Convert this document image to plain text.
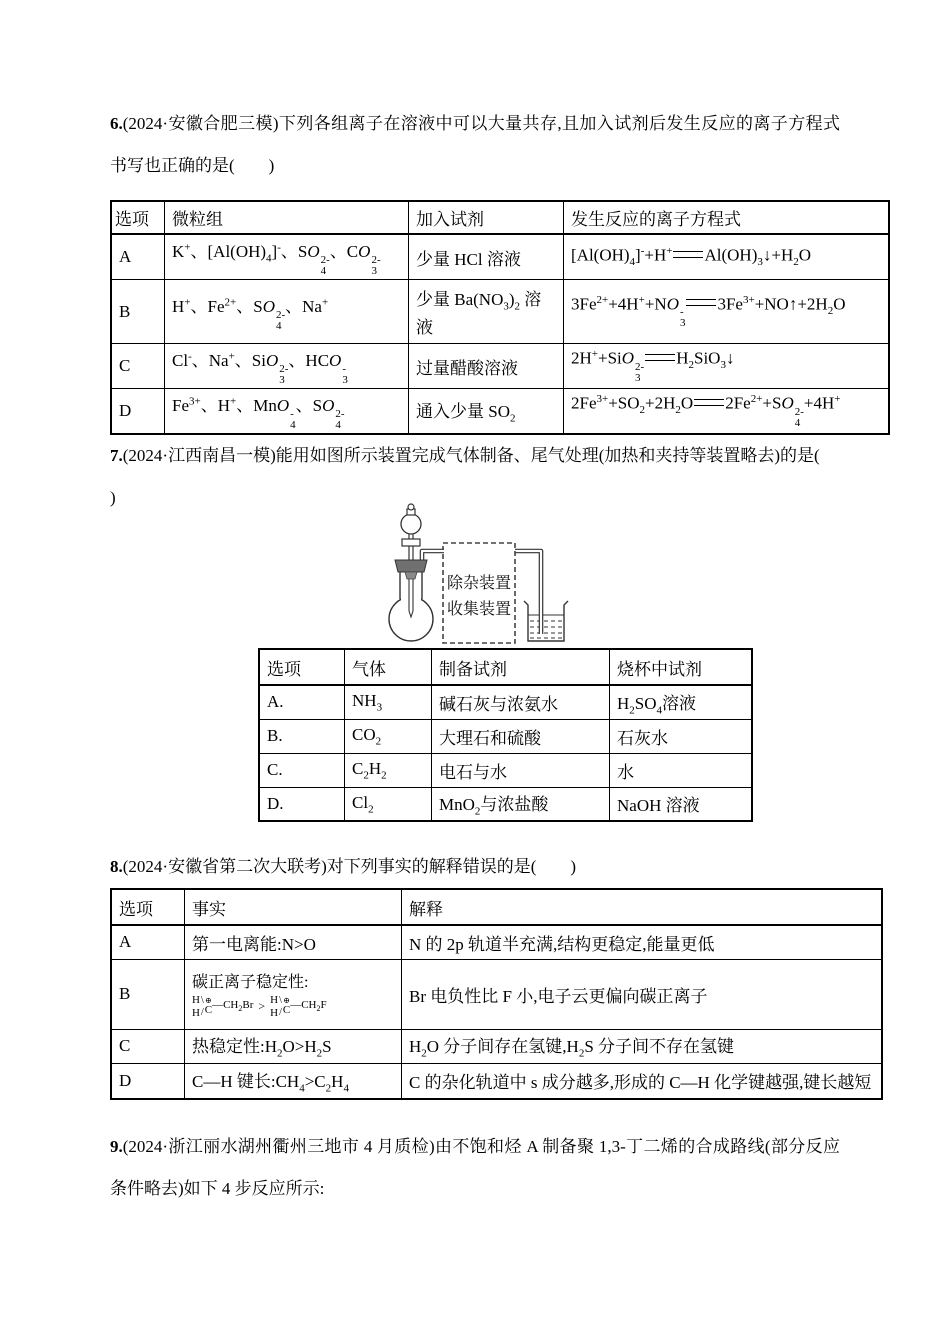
6.(2024·安徽合肥三模)下列各组离子在溶液中可以大量共存,且加入试剂后发生反应的离子方程式书写也正确的是(　　)

选项	微粒组	加入试剂	发生反应的离子方程式
A	K+、$[Al(OH)_4]^-$、SO 2-
4
、CO 2-
3
	少量 HCl 溶液	$[Al(OH)_4]^-+H^+$ $Al(OH)_3↓+H_2O$
B	H+、$Fe^{2+}$、SO 2-
4
、Na+	少量 $Ba(NO_3)_2$ 溶液	$3Fe^{2+}+4H^++NO$ -
3
$3Fe^{3+}+NO↑+2H_2O$
C	Cl-、Na+、SiO 2-
3
、HCO -
3
	过量醋酸溶液	2H++SiO 2-
3
$H_2SiO_3↓$
D	$Fe^{3+}$、H+、MnO -
4
、SO 2-
4
	通入少量 $SO_2$	$2Fe^{3+}+SO_2+2H_2O$ $2Fe^{2+}+SO$ 2-
4
+4H+

7.(2024·江西南昌一模)能用如图所示装置完成气体制备、尾气处理(加热和夹持等装置略去)的是(
)

除杂装置
收集装置
选项	气体	制备试剂	烧杯中试剂
A.	$NH_3$	碱石灰与浓氨水	$H_2SO_4$溶液
B.	$CO_2$	大理石和硫酸	石灰水
C.	$C_2H_2$	电石与水	水
D.	$Cl_2$	MnO$_2$与浓盐酸	NaOH 溶液

8.(2024·安徽省第二次大联考)对下列事实的解释错误的是(　　)

选项	事实	解释
A	第一电离能:N>O	N 的 2p 轨道半充满,结构更稳定,能量更低
B	碳正离子稳定性:
H
H
\
/
⊕
C $—CH_2Br > H$
H
\
/
⊕
C $—CH_2F$	Br 电负性比 F 小,电子云更偏向碳正离子
C	热稳定性$:H_2O>H_2S$	$H_2O$ 分子间存在氢键$,H_2S$ 分子间不存在氢键
D	C—H 键长$:CH_4>C_2H_4$	C 的杂化轨道中 s 成分越多,形成的 C—H 化学键越强,键长越短

9.(2024·浙江丽水湖州衢州三地市 4 月质检)由不饱和烃 A 制备聚 1,3-丁二烯的合成路线(部分反应条件略去)如下 4 步反应所示:
